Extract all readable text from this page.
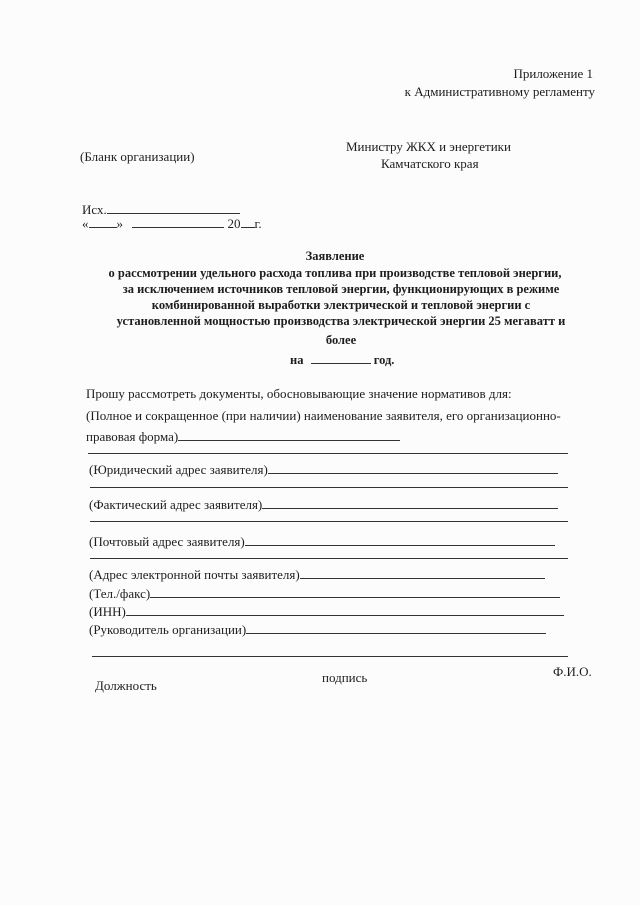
Приложение 1
к Административному регламенту
Министру ЖКХ и энергетики
Камчатского края
(Бланк организации)
Исх.
« »	20 г.
Заявление
о рассмотрении удельного расхода топлива при производстве тепловой энергии,
за исключением источников тепловой энергии, функционирующих в режиме
комбинированной выработки электрической и тепловой энергии с
установленной мощностью производства электрической энергии 25 мегаватт и
более
на	год.
Прошу рассмотреть документы, обосновывающие значение нормативов для:
(Полное и сокращенное (при наличии) наименование заявителя, его организационно-
правовая форма)
(Юридический адрес заявителя)
(Фактический адрес заявителя)
(Почтовый адрес заявителя)
(Адрес электронной почты заявителя)
(Тел./факс)
(ИНН)
(Руководитель организации)
Должность
подпись	Ф.И.О.
